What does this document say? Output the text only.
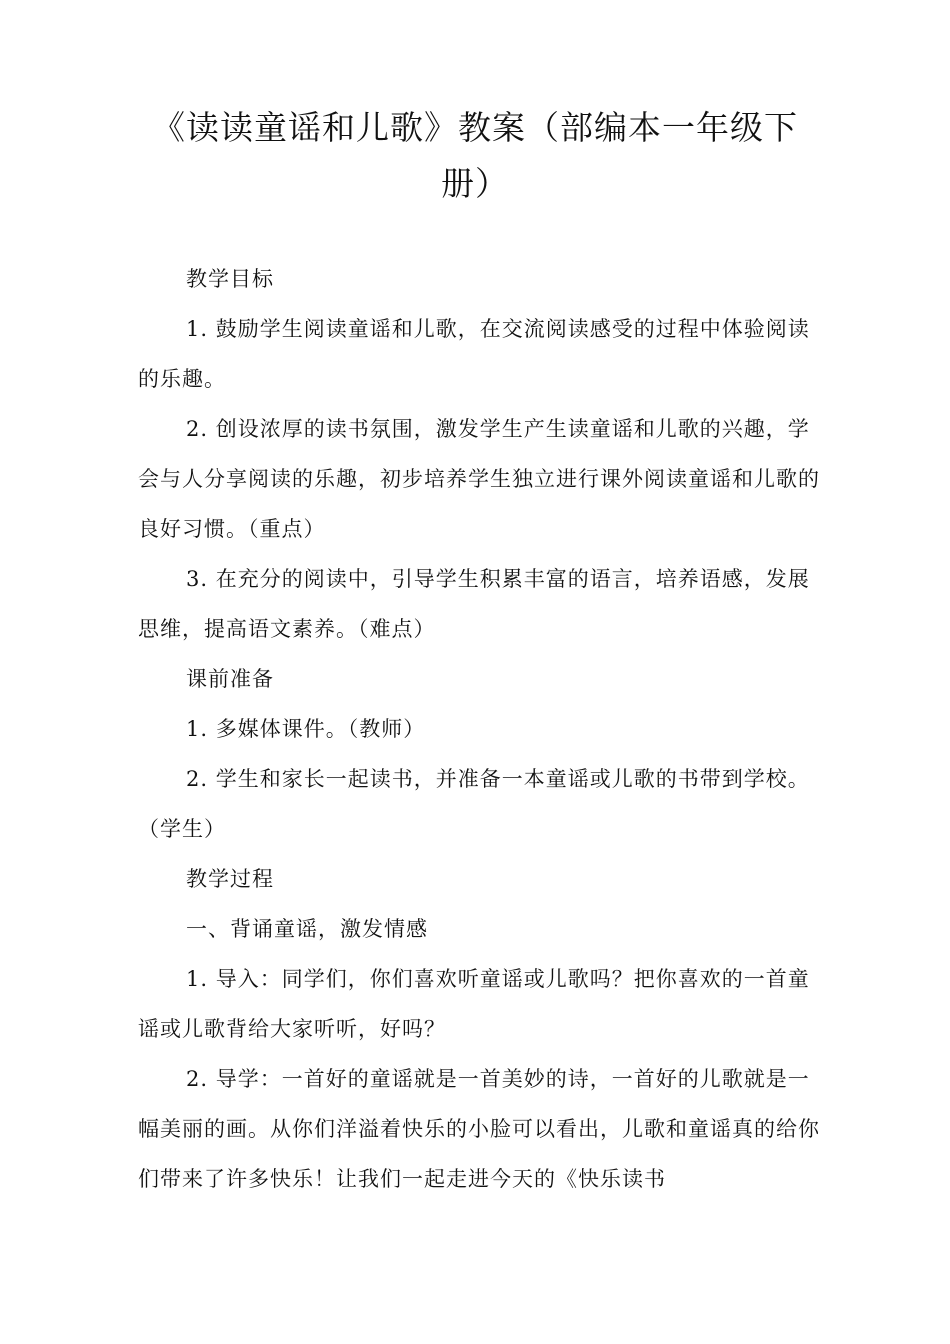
《读读童谣和儿歌》教案（部编本一年级下
册）

教学目标

1. 鼓励学生阅读童谣和儿歌，在交流阅读感受的过程中体验阅读的乐趣。

2. 创设浓厚的读书氛围，激发学生产生读童谣和儿歌的兴趣，学会与人分享阅读的乐趣，初步培养学生独立进行课外阅读童谣和儿歌的良好习惯。（重点）

3. 在充分的阅读中，引导学生积累丰富的语言，培养语感，发展思维，提高语文素养。（难点）

课前准备

1. 多媒体课件。（教师）

2. 学生和家长一起读书，并准备一本童谣或儿歌的书带到学校。（学生）

教学过程

一、背诵童谣，激发情感

1. 导入：同学们，你们喜欢听童谣或儿歌吗？把你喜欢的一首童谣或儿歌背给大家听听，好吗？

2. 导学：一首好的童谣就是一首美妙的诗，一首好的儿歌就是一幅美丽的画。从你们洋溢着快乐的小脸可以看出，儿歌和童谣真的给你们带来了许多快乐！让我们一起走进今天的《快乐读书
